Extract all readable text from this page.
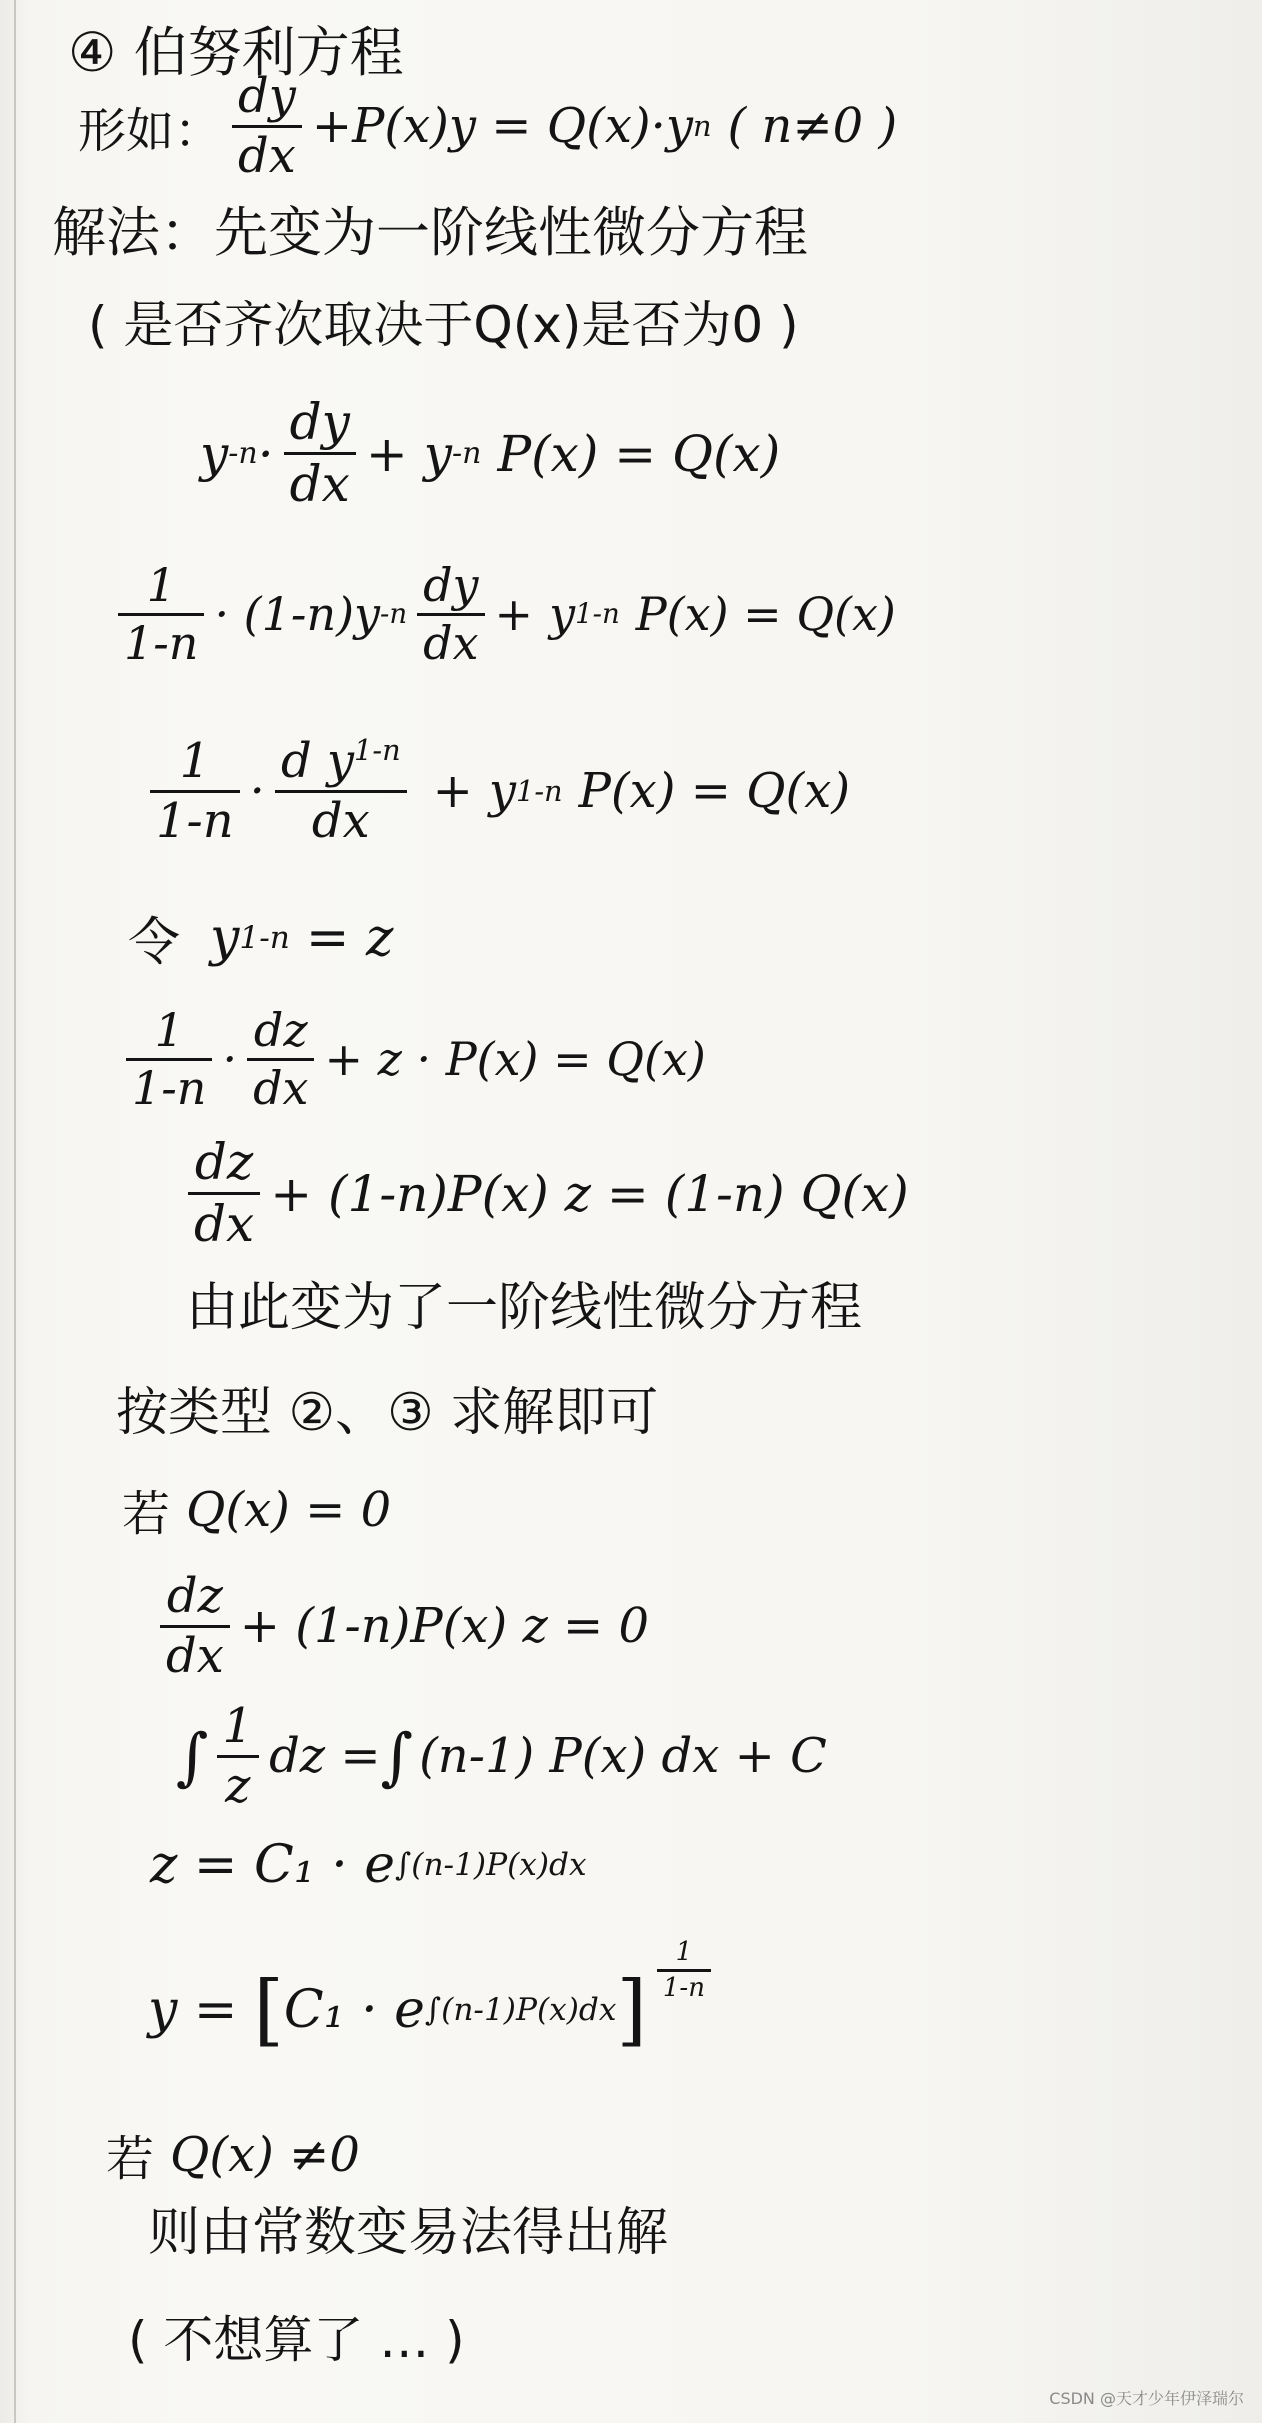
④ 伯努利方程
形如： $\frac{dy}{dx} +P(x)y = Q(x)\cdot y$ n ( n≠0 )
解法： 先变为一阶线性微分方程
( 是否齐次取决于Q(x)是否为0 )
y $-n \cdot \frac{dy}{dx} + y$ -n P(x) = Q(x)
$\frac{1}{1-n} \cdot (1-n)y$ $-n \frac{dy}{dx} + y$ 1-n P(x) = Q(x)
$\frac{1}{1-n} \cdot \frac{d y^{1-n}}{dx} + y$ 1-n P(x) = Q(x)
令 y 1-n = z
$\frac{1}{1-n} \cdot \frac{dz}{dx} + z \cdot P(x) = Q(x)$
$\frac{dz}{dx} + (1-n)P(x) z = (1-n)$ Q(x)
由此变为了一阶线性微分方程
按类型 ②、③ 求解即可
若 Q(x) = 0
$\frac{dz}{dx} + (1-n)P(x) z = 0$
∫ $\frac{1}{z}$ dz = ∫ (n-1) P(x) dx + C
z = C₁ · e ∫(n-1)P(x)dx
y = [ C₁ · e ∫(n-1)P(x)dx ] $\frac{1}{1-n}$
若 Q(x) ≠0
则由常数变易法得出解
( 不想算了 … )
CSDN @天才少年伊泽瑞尔
